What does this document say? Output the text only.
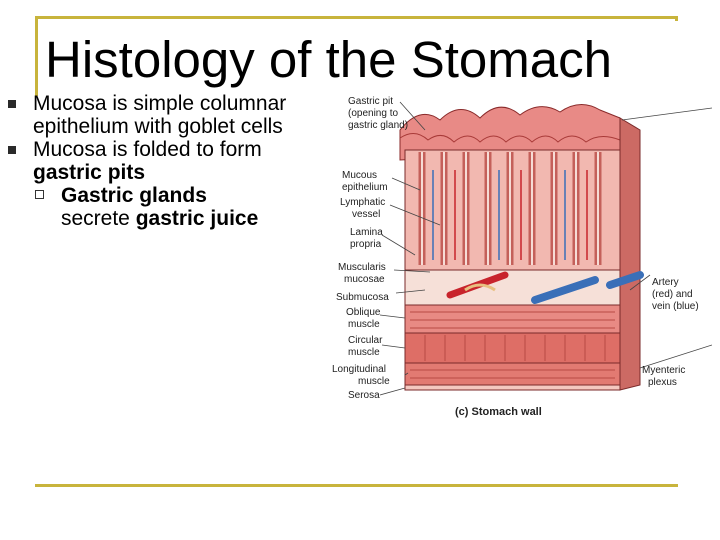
Histology of the Stomach
Mucosa is simple columnar epithelium with goblet cells
Mucosa is folded to form gastric pits
Gastric glands
secrete gastric juice
Gastric pit
(opening to
gastric gland)
Mucous
epithelium
Lymphatic
vessel
Lamina
propria
Muscularis
mucosae
Submucosa
Oblique
muscle
Circular
muscle
Longitudinal
muscle
Serosa
Artery
(red) and
vein (blue)
Myenteric
plexus
(c) Stomach wall
